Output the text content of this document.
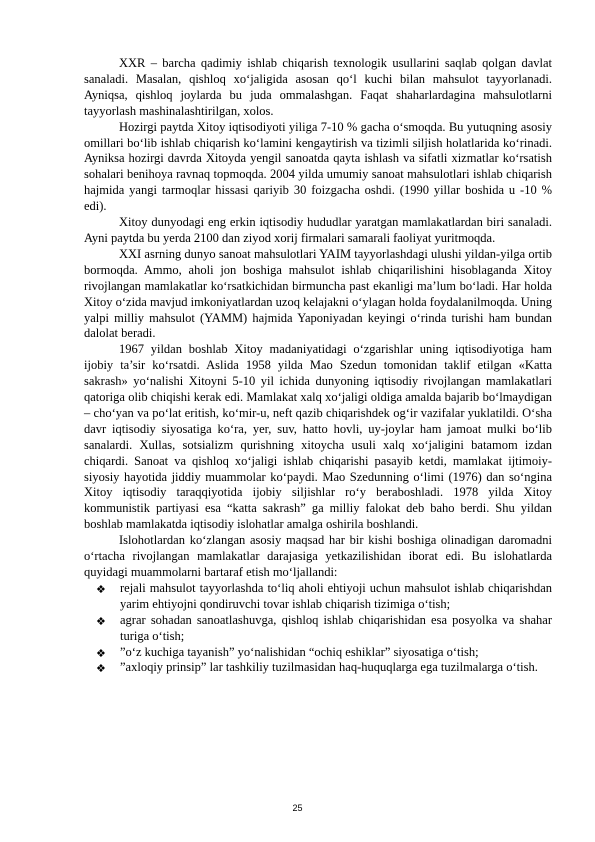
XXR – barcha qadimiy ishlab chiqarish texnologik usullarini saqlab qolgan davlat sanaladi. Masalan, qishloq xo‘jaligida asosan qo‘l kuchi bilan mahsulot tayyorlanadi. Ayniqsa, qishloq joylarda bu juda ommalashgan. Faqat shaharlardagina mahsulotlarni tayyorlash mashinalashtirilgan, xolos.

Hozirgi paytda Xitoy iqtisodiyoti yiliga 7-10 % gacha o‘smoqda. Bu yutuqning asosiy omillari bo‘lib ishlab chiqarish ko‘lamini kengaytirish va tizimli siljish holatlarida ko‘rinadi. Ayniksa hozirgi davrda Xitoyda yengil sanoatda qayta ishlash va sifatli xizmatlar ko‘rsatish sohalari benihoya ravnaq topmoqda. 2004 yilda umumiy sanoat mahsulotlari ishlab chiqarish hajmida yangi tarmoqlar hissasi qariyib 30 foizgacha oshdi. (1990 yillar boshida u -10 % edi).

Xitoy dunyodagi eng erkin iqtisodiy hududlar yaratgan mamlakatlardan biri sanaladi. Ayni paytda bu yerda 2100 dan ziyod xorij firmalari samarali faoliyat yuritmoqda.

XXI asrning dunyo sanoat mahsulotlari YAIM tayyorlashdagi ulushi yildan-yilga ortib bormoqda. Ammo, aholi jon boshiga mahsulot ishlab chiqarilishini hisoblaganda Xitoy rivojlangan mamlakatlar ko‘rsatkichidan birmuncha past ekanligi ma’lum bo‘ladi. Har holda Xitoy o‘zida mavjud imkoniyatlardan uzoq kelajakni o‘ylagan holda foydalanilmoqda. Uning yalpi milliy mahsulot (YAMM) hajmida Yaponiyadan keyingi o‘rinda turishi ham bundan dalolat beradi.

1967 yildan boshlab Xitoy madaniyatidagi o‘zgarishlar uning iqtisodiyotiga ham ijobiy ta’sir ko‘rsatdi. Aslida 1958 yilda Mao Szedun tomonidan taklif etilgan «Katta sakrash» yo‘nalishi Xitoyni 5-10 yil ichida dunyoning iqtisodiy rivojlangan mamlakatlari qatoriga olib chiqishi kerak edi. Mamlakat xalq xo‘jaligi oldiga amalda bajarib bo‘lmaydigan – cho‘yan va po‘lat eritish, ko‘mir-u, neft qazib chiqarishdek og‘ir vazifalar yuklatildi. O‘sha davr iqtisodiy siyosatiga ko‘ra, yer, suv, hatto hovli, uy-joylar ham jamoat mulki bo‘lib sanalardi. Xullas, sotsializm qurishning xitoycha usuli xalq xo‘jaligini batamom izdan chiqardi. Sanoat va qishloq xo‘jaligi ishlab chiqarishi pasayib ketdi, mamlakat ijtimoiy-siyosiy hayotida jiddiy muammolar ko‘paydi. Mao Szedunning o‘limi (1976) dan so‘ngina Xitoy iqtisodiy taraqqiyotida ijobiy siljishlar ro‘y beraboshladi. 1978 yilda Xitoy kommunistik partiyasi esa “katta sakrash” ga milliy falokat deb baho berdi. Shu yildan boshlab mamlakatda iqtisodiy islohatlar amalga oshirila boshlandi.

Islohotlardan ko‘zlangan asosiy maqsad har bir kishi boshiga olinadigan daromadni o‘rtacha rivojlangan mamlakatlar darajasiga yetkazilishidan iborat edi. Bu islohatlarda quyidagi muammolarni bartaraf etish mo‘ljallandi:

❖ rejali mahsulot tayyorlashda to‘liq aholi ehtiyoji uchun mahsulot ishlab chiqarishdan yarim ehtiyojni qondiruvchi tovar ishlab chiqarish tizimiga o‘tish;
❖ agrar sohadan sanoatlashuvga, qishloq ishlab chiqarishidan esa posyolka va shahar turiga o‘tish;
❖ ”o‘z kuchiga tayanish” yo‘nalishidan “ochiq eshiklar” siyosatiga o‘tish;
❖ ”axloqiy prinsip” lar tashkiliy tuzilmasidan haq-huquqlarga ega tuzilmalarga o‘tish.
25
